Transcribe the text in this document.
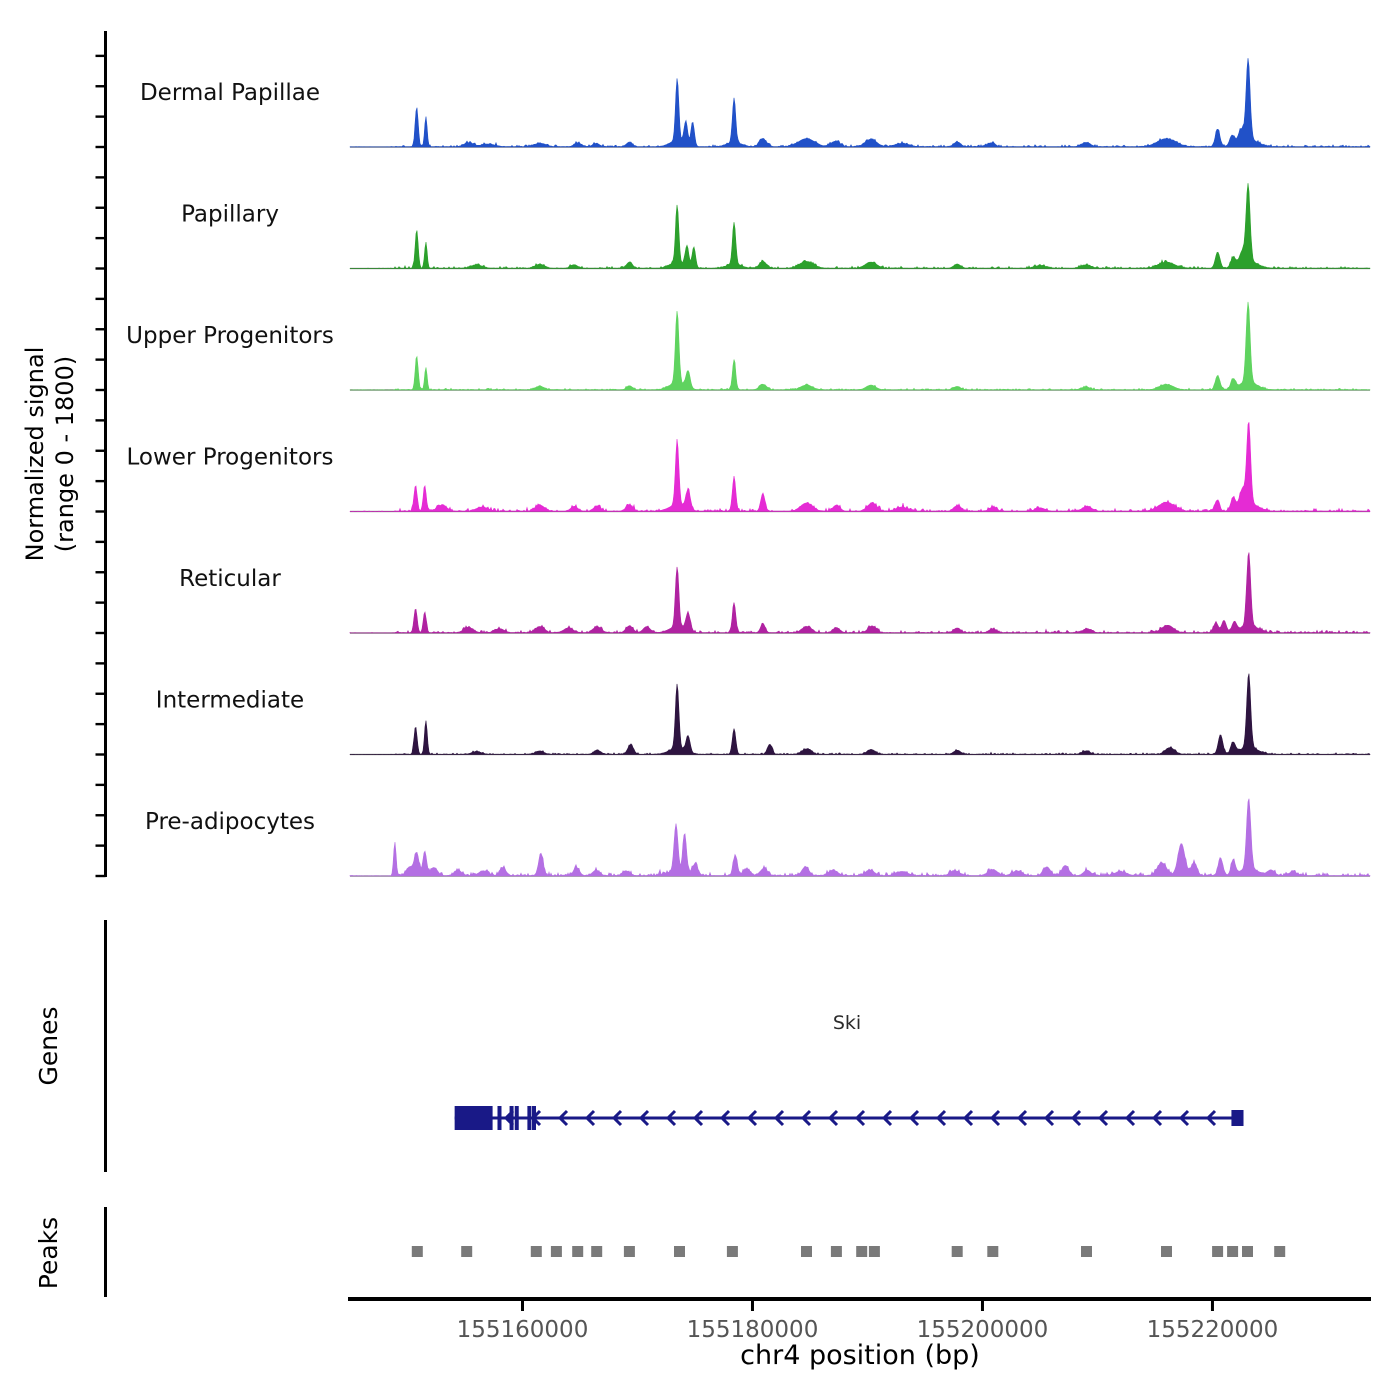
Normalized signal (range 0 - 1800)
Dermal Papillae
Papillary
Upper Progenitors
Lower Progenitors
Reticular
Intermediate
Pre-adipocytes
Genes	Ski
Peaks
155160000	155180000	155200000	155220000
chr4 position (bp)
